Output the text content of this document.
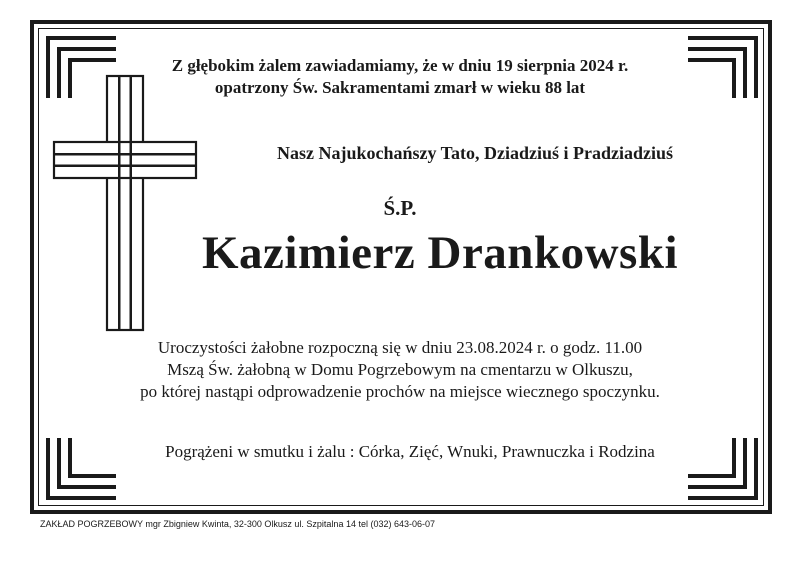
Z głębokim żalem zawiadamiamy, że w dniu 19 sierpnia 2024 r.
opatrzony Św. Sakramentami zmarł w wieku 88 lat
Nasz Najukochańszy Tato, Dziadziuś i Pradziadziuś
Ś.P.
Kazimierz Drankowski
Uroczystości żałobne rozpoczną się w dniu 23.08.2024 r. o godz. 11.00
Mszą Św. żałobną w Domu Pogrzebowym na cmentarzu w Olkuszu,
po której nastąpi odprowadzenie prochów na miejsce wiecznego spoczynku.
Pogrążeni w smutku i żalu : Córka, Zięć, Wnuki, Prawnuczka i Rodzina
ZAKŁAD POGRZEBOWY mgr Zbigniew Kwinta, 32-300 Olkusz ul. Szpitalna 14 tel (032) 643-06-07
